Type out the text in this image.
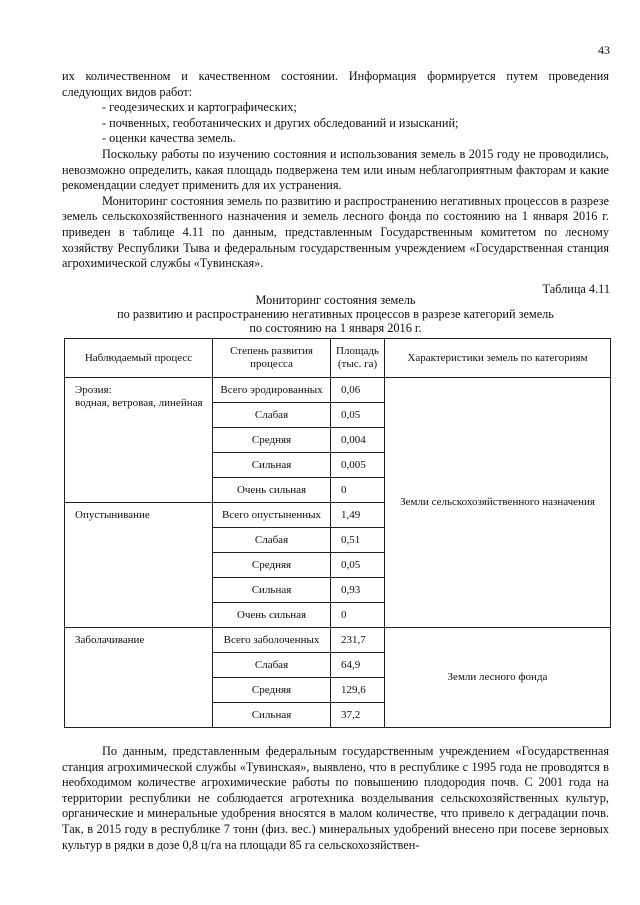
43

их количественном и качественном состоянии. Информация формируется путем проведения следующих видов работ:

- геодезических и картографических;

- почвенных, геоботанических и других обследований и изысканий;

- оценки качества земель.

Поскольку работы по изучению состояния и использования земель в 2015 году не проводились, невозможно определить, какая площадь подвержена тем или иным неблагоприятным факторам и какие рекомендации следует применить для их устранения.

Мониторинг состояния земель по развитию и распространению негативных процессов в разрезе земель сельскохозяйственного назначения и земель лесного фонда по состоянию на 1 января 2016 г. приведен в таблице 4.11 по данным, представленным Государственным комитетом по лесному хозяйству Республики Тыва и федеральным государственным учреждением «Государственная станция агрохимической службы «Тувинская».

Таблица 4.11
Мониторинг состояния земель
по развитию и распространению негативных процессов в разрезе категорий земель
по состоянию на 1 января 2016 г.
Наблюдаемый процесс	Степень развития процесса	Площадь (тыс. га)	Характеристики земель по категориям

Эрозия:
водная, ветровая, линейная	Всего эродированных	0,06	Земли сельскохозяйственного назначения
	Слабая	0,05	
	Средняя	0,004	
	Сильная	0,005	
	Очень сильная	0	

Опустынивание	Всего опустыненных	1,49	
	Слабая	0,51	
	Средняя	0,05	
	Сильная	0,93	
	Очень сильная	0	

Заболачивание	Всего заболоченных	231,7	Земли лесного фонда
	Слабая	64,9	
	Средняя	129,6	
	Сильная	37,2	

По данным, представленным федеральным государственным учреждением «Государственная станция агрохимической службы «Тувинская», выявлено, что в республике с 1995 года не проводятся в необходимом количестве агрохимические работы по повышению плодородия почв. С 2001 года на территории республики не соблюдается агротехника возделывания сельскохозяйственных культур, органические и минеральные удобрения вносятся в малом количестве, что привело к деградации почв. Так, в 2015 году в республике 7 тонн (физ. вес.) минеральных удобрений внесено при посеве зерновых культур в рядки в дозе 0,8 ц/га на площади 85 га сельскохозяйствен-
